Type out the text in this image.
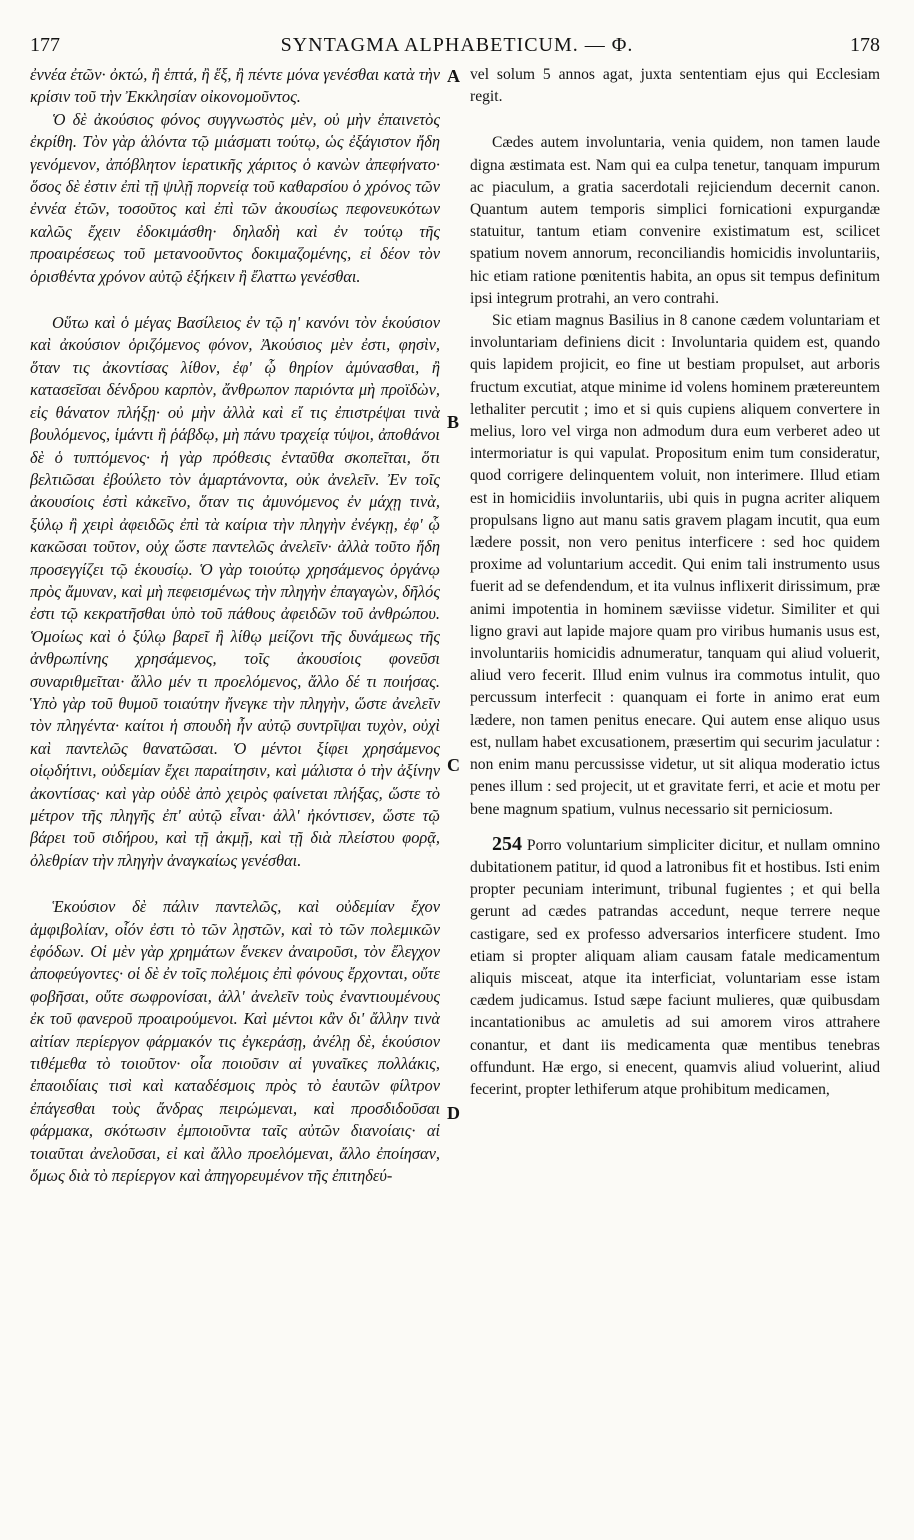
177	SYNTAGMA ALPHABETICUM. — Φ.	178

ἐννέα ἐτῶν· ὀκτώ, ἢ ἑπτά, ἢ ἕξ, ἢ πέντε μόνα γενέσθαι κατὰ τὴν κρίσιν τοῦ τὴν Ἐκκλησίαν οἰκονομοῦντος.

Ὁ δὲ ἀκούσιος φόνος συγγνωστὸς μὲν, οὐ μὴν ἐπαινετὸς ἐκρίθη. Τὸν γὰρ ἁλόντα τῷ μιάσματι τούτῳ, ὡς ἐξάγιστον ἤδη γενόμενον, ἀπόβλητον ἱερατικῆς χάριτος ὁ κανὼν ἀπεφήνατο· ὅσος δὲ ἐστιν ἐπὶ τῇ ψιλῇ πορνείᾳ τοῦ καθαρσίου ὁ χρόνος τῶν ἐννέα ἐτῶν, τοσοῦτος καὶ ἐπὶ τῶν ἀκουσίως πεφονευκότων καλῶς ἔχειν ἐδοκιμάσθη· δηλαδὴ καὶ ἐν τούτῳ τῆς προαιρέσεως τοῦ μετανοοῦντος δοκιμαζομένης, εἰ δέον τὸν ὁρισθέντα χρόνον αὐτῷ ἐξήκειν ἢ ἔλαττω γενέσθαι.

Οὕτω καὶ ὁ μέγας Βασίλειος ἐν τῷ η' κανόνι τὸν ἑκούσιον καὶ ἀκούσιον ὁριζόμενος φόνον, Ἀκούσιος μὲν ἐστι, φησὶν, ὅταν τις ἀκοντίσας λίθον, ἐφ' ᾧ θηρίον ἀμύνασθαι, ἢ κατασεῖσαι δένδρου καρπὸν, ἄνθρωπον παριόντα μὴ προϊδὼν, εἰς θάνατον πλήξῃ· οὐ μὴν ἀλλὰ καὶ εἴ τις ἐπιστρέψαι τινὰ βουλόμενος, ἱμάντι ἢ ῥάβδῳ, μὴ πάνυ τραχείᾳ τύψοι, ἀποθάνοι δὲ ὁ τυπτόμενος· ἡ γὰρ πρόθεσις ἐνταῦθα σκοπεῖται, ὅτι βελτιῶσαι ἐβούλετο τὸν ἁμαρτάνοντα, οὐκ ἀνελεῖν. Ἐν τοῖς ἀκουσίοις ἐστὶ κἀκεῖνο, ὅταν τις ἀμυνόμενος ἐν μάχῃ τινὰ, ξύλῳ ἢ χειρὶ ἀφειδῶς ἐπὶ τὰ καίρια τὴν πληγὴν ἐνέγκῃ, ἐφ' ᾧ κακῶσαι τοῦτον, οὐχ ὥστε παντελῶς ἀνελεῖν· ἀλλὰ τοῦτο ἤδη προσεγγίζει τῷ ἑκουσίῳ. Ὁ γὰρ τοιούτῳ χρησάμενος ὀργάνῳ πρὸς ἄμυναν, καὶ μὴ πεφεισμένως τὴν πληγὴν ἐπαγαγὼν, δῆλός ἐστι τῷ κεκρατῆσθαι ὑπὸ τοῦ πάθους ἀφειδῶν τοῦ ἀνθρώπου. Ὁμοίως καὶ ὁ ξύλῳ βαρεῖ ἢ λίθῳ μείζονι τῆς δυνάμεως τῆς ἀνθρωπίνης χρησάμενος, τοῖς ἀκουσίοις φονεῦσι συναριθμεῖται· ἄλλο μέν τι προελόμενος, ἄλλο δέ τι ποιήσας. Ὑπὸ γὰρ τοῦ θυμοῦ τοιαύτην ἤνεγκε τὴν πληγὴν, ὥστε ἀνελεῖν τὸν πληγέντα· καίτοι ἡ σπουδὴ ἦν αὐτῷ συντρῖψαι τυχὸν, οὐχὶ καὶ παντελῶς θανατῶσαι. Ὁ μέντοι ξίφει χρησάμενος οἱῳδήτινι, οὐδεμίαν ἔχει παραίτησιν, καὶ μάλιστα ὁ τὴν ἀξίνην ἀκοντίσας· καὶ γὰρ οὐδὲ ἀπὸ χειρὸς φαίνεται πλήξας, ὥστε τὸ μέτρον τῆς πληγῆς ἐπ' αὐτῷ εἶναι· ἀλλ' ἠκόντισεν, ὥστε τῷ βάρει τοῦ σιδήρου, καὶ τῇ ἀκμῇ, καὶ τῇ διὰ πλείστου φορᾷ, ὀλεθρίαν τὴν πληγὴν ἀναγκαίως γενέσθαι.

Ἑκούσιον δὲ πάλιν παντελῶς, καὶ οὐδεμίαν ἔχον ἀμφιβολίαν, οἷόν ἐστι τὸ τῶν λῃστῶν, καὶ τὸ τῶν πολεμικῶν ἐφόδων. Οἱ μὲν γὰρ χρημάτων ἕνεκεν ἀναιροῦσι, τὸν ἔλεγχον ἀποφεύγοντες· οἱ δὲ ἐν τοῖς πολέμοις ἐπὶ φόνους ἔρχονται, οὔτε φοβῆσαι, οὔτε σωφρονίσαι, ἀλλ' ἀνελεῖν τοὺς ἐναντιουμένους ἐκ τοῦ φανεροῦ προαιρούμενοι. Καὶ μέντοι κἂν δι' ἄλλην τινὰ αἰτίαν περίεργον φάρμακόν τις ἐγκεράσῃ, ἀνέλῃ δὲ, ἑκούσιον τιθέμεθα τὸ τοιοῦτον· οἷα ποιοῦσιν αἱ γυναῖκες πολλάκις, ἐπαοιδίαις τισὶ καὶ καταδέσμοις πρὸς τὸ ἑαυτῶν φίλτρον ἐπάγεσθαι τοὺς ἄνδρας πειρώμεναι, καὶ προσδιδοῦσαι φάρμακα, σκότωσιν ἐμποιοῦντα ταῖς αὐτῶν διανοίαις· αἱ τοιαῦται ἀνελοῦσαι, εἰ καὶ ἄλλο προελόμεναι, ἄλλο ἐποίησαν, ὅμως διὰ τὸ περίεργον καὶ ἀπηγορευμένον τῆς ἐπιτηδεύ-

A
B
C
D

vel solum 5 annos agat, juxta sententiam ejus qui Ecclesiam regit.

Cædes autem involuntaria, venia quidem, non tamen laude digna æstimata est. Nam qui ea culpa tenetur, tanquam impurum ac piaculum, a gratia sacerdotali rejiciendum decernit canon. Quantum autem temporis simplici fornicationi expurgandæ statuitur, tantum etiam convenire existimatum est, scilicet spatium novem annorum, reconciliandis homicidis involuntariis, hic etiam ratione pœnitentis habita, an opus sit tempus definitum ipsi integrum protrahi, an vero contrahi.

Sic etiam magnus Basilius in 8 canone cædem voluntariam et involuntariam definiens dicit : Involuntaria quidem est, quando quis lapidem projicit, eo fine ut bestiam propulset, aut arboris fructum excutiat, atque minime id volens hominem prætereuntem lethaliter percutit ; imo et si quis cupiens aliquem convertere in melius, loro vel virga non admodum dura eum verberet adeo ut intermoriatur is qui vapulat. Propositum enim tum consideratur, quod corrigere delinquentem voluit, non interimere. Illud etiam est in homicidiis involuntariis, ubi quis in pugna acriter aliquem propulsans ligno aut manu satis gravem plagam incutit, qua eum lædere possit, non vero penitus interficere : sed hoc quidem proxime ad voluntarium accedit. Qui enim tali instrumento usus fuerit ad se defendendum, et ita vulnus inflixerit dirissimum, præ animi impotentia in hominem sæviisse videtur. Similiter et qui ligno gravi aut lapide majore quam pro viribus humanis usus est, involuntariis homicidis adnumeratur, tanquam qui aliud voluerit, aliud vero fecerit. Illud enim vulnus ira commotus intulit, quo percussum interfecit : quanquam ei forte in animo erat eum lædere, non tamen penitus enecare. Qui autem ense aliquo usus est, nullam habet excusationem, præsertim qui securim jaculatur : non enim manu percussisse videtur, ut sit aliqua moderatio ictus penes illum : sed projecit, ut et gravitate ferri, et acie et motu per bene magnum spatium, vulnus necessario sit perniciosum.

254 Porro voluntarium simpliciter dicitur, et nullam omnino dubitationem patitur, id quod a latronibus fit et hostibus. Isti enim propter pecuniam interimunt, tribunal fugientes ; et qui bella gerunt ad cædes patrandas accedunt, neque terrere neque castigare, sed ex professo adversarios interficere student. Imo etiam si propter aliquam aliam causam fatale medicamentum aliquis misceat, atque ita interficiat, voluntariam esse istam cædem judicamus. Istud sæpe faciunt mulieres, quæ quibusdam incantationibus ac amuletis ad sui amorem viros attrahere conantur, et dant iis medicamenta quæ mentibus tenebras offundunt. Hæ ergo, si enecent, quamvis aliud voluerint, aliud fecerint, propter lethiferum atque prohibitum medicamen,
